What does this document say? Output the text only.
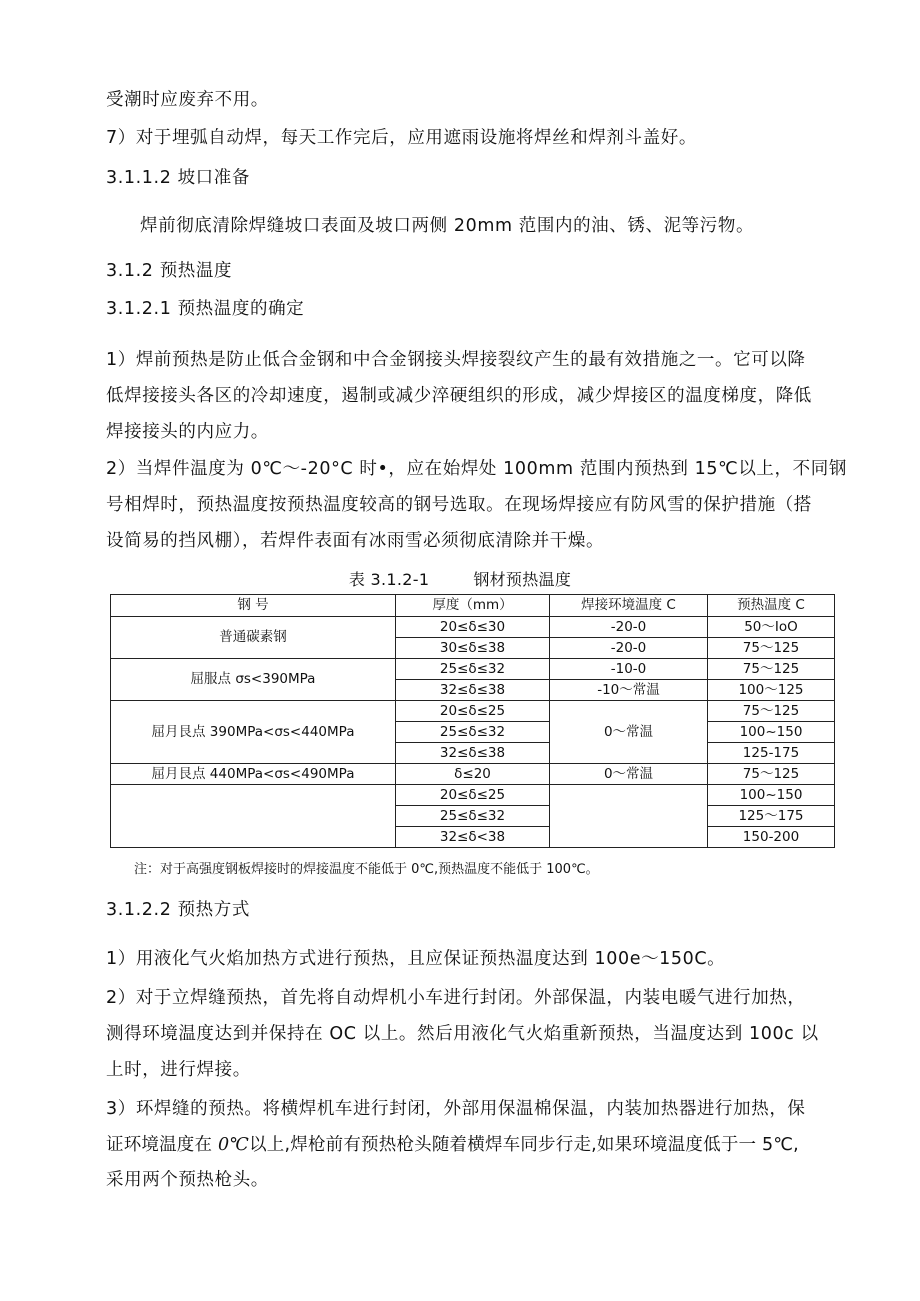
受潮时应废弃不用。

7）对于埋弧自动焊，每天工作完后，应用遮雨设施将焊丝和焊剂斗盖好。

3.1.1.2 坡口准备

焊前彻底清除焊缝坡口表面及坡口两侧 20mm 范围内的油、锈、泥等污物。

3.1.2 预热温度

3.1.2.1 预热温度的确定

1）焊前预热是防止低合金钢和中合金钢接头焊接裂纹产生的最有效措施之一。它可以降

低焊接接头各区的冷却速度，遏制或减少淬硬组织的形成，减少焊接区的温度梯度，降低

焊接接头的内应力。

2）当焊件温度为 0℃～-20°C 时•，应在始焊处 100mm 范围内预热到 15℃以上，不同钢

号相焊时，预热温度按预热温度较高的钢号选取。在现场焊接应有防风雪的保护措施（搭

设简易的挡风棚），若焊件表面有冰雨雪必须彻底清除并干燥。

表 3.1.2-1	钢材预热温度
钢 号	厚度（mm）	焊接环境温度 C	预热温度 C
普通碳素钢	20≤δ≤30	-20-0	50～IoO
	30≤δ≤38	-20-0	75～125
屈服点 σs<390MPa	25≤δ≤32	-10-0	75～125
	32≤δ≤38	-10～常温	100～125
屈月艮点 390MPa<σs<440MPa	20≤δ≤25	0～常温	75～125
	25≤δ≤32		100~150
	32≤δ≤38		125-175
屈月艮点 440MPa<σs<490MPa	δ≤20	0～常温	75～125
	20≤δ≤25		100~150
	25≤δ≤32		125～175
	32≤δ<38		150-200

注：对于高强度钢板焊接时的焊接温度不能低于 0℃,预热温度不能低于 100℃。

3.1.2.2 预热方式

1）用液化气火焰加热方式进行预热，且应保证预热温度达到 100e～150C。

2）对于立焊缝预热，首先将自动焊机小车进行封闭。外部保温，内装电暖气进行加热，

测得环境温度达到并保持在 OC 以上。然后用液化气火焰重新预热，当温度达到 100c 以

上时，进行焊接。

3）环焊缝的预热。将横焊机车进行封闭，外部用保温棉保温，内装加热器进行加热，保

证环境温度在 0℃以上,焊枪前有预热枪头随着横焊车同步行走,如果环境温度低于一 5℃,

采用两个预热枪头。
